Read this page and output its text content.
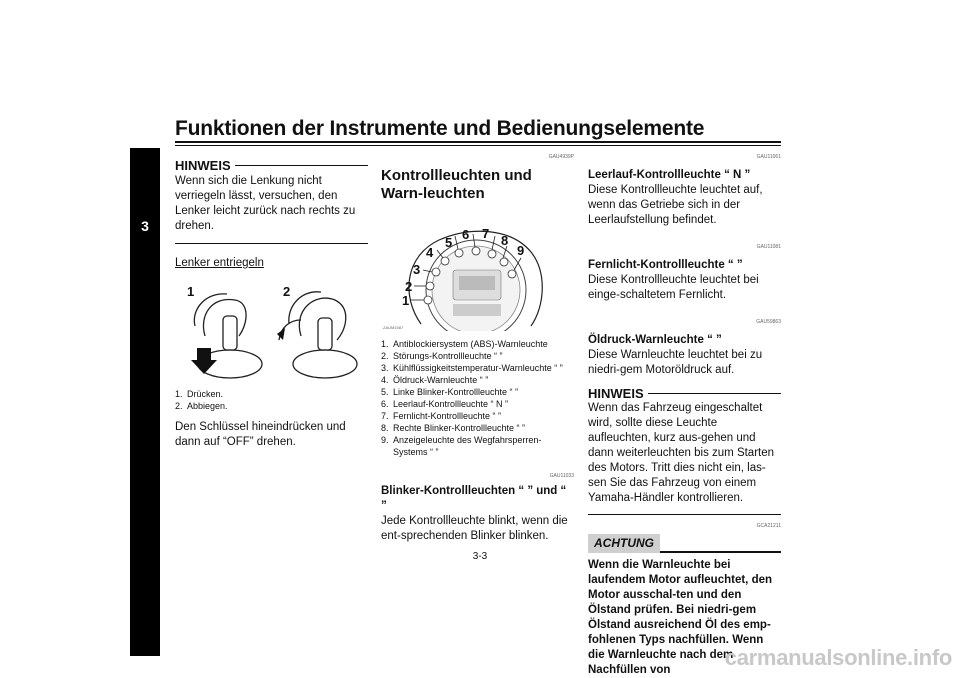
Funktionen der Instrumente und Bedienungselemente
3
HINWEIS
Wenn sich die Lenkung nicht verriegeln lässt, versuchen, den Lenker leicht zurück nach rechts zu drehen.
Lenker entriegeln
1	2
1. Drücken.
2. Abbiegen.
Den Schlüssel hineindrücken und dann auf “OFF” drehen.
GAU4939P
Kontrollleuchten und Warn-leuchten
1
2
3
4
5
6 7 8
9
ZAUM1587
1. Antiblockiersystem (ABS)-Warnleuchte
2. Störungs-Kontrollleuchte “ ”
3. Kühlflüssigkeitstemperatur-Warnleuchte “ ”
4. Öldruck-Warnleuchte “ ”
5. Linke Blinker-Kontrollleuchte “ ”
6. Leerlauf-Kontrollleuchte “ N ”
7. Fernlicht-Kontrollleuchte “ ”
8. Rechte Blinker-Kontrollleuchte “ ”
9. Anzeigeleuchte des Wegfahrsperren-Systems “ ”
GAU11033
Blinker-Kontrollleuchten “ ” und “ ”
Jede Kontrollleuchte blinkt, wenn die ent-sprechenden Blinker blinken.
GAU11061
Leerlauf-Kontrollleuchte “ N ”
Diese Kontrollleuchte leuchtet auf, wenn das Getriebe sich in der Leerlaufstellung befindet.
GAU11081
Fernlicht-Kontrollleuchte “ ”
Diese Kontrollleuchte leuchtet bei einge-schaltetem Fernlicht.
GAU59863
Öldruck-Warnleuchte “ ”
Diese Warnleuchte leuchtet bei zu niedri-gem Motoröldruck auf.
HINWEIS
Wenn das Fahrzeug eingeschaltet wird, sollte diese Leuchte aufleuchten, kurz aus-gehen und dann weiterleuchten bis zum Starten des Motors. Tritt dies nicht ein, las-sen Sie das Fahrzeug von einem Yamaha-Händler kontrollieren.
GCA21211
ACHTUNG
Wenn die Warnleuchte bei laufendem Motor aufleuchtet, den Motor ausschal-ten und den Ölstand prüfen. Bei niedri-gem Ölstand ausreichend Öl des emp-fohlenen Typs nachfüllen. Wenn die Warnleuchte nach dem Nachfüllen von
3-3
carmanualsonline.info
